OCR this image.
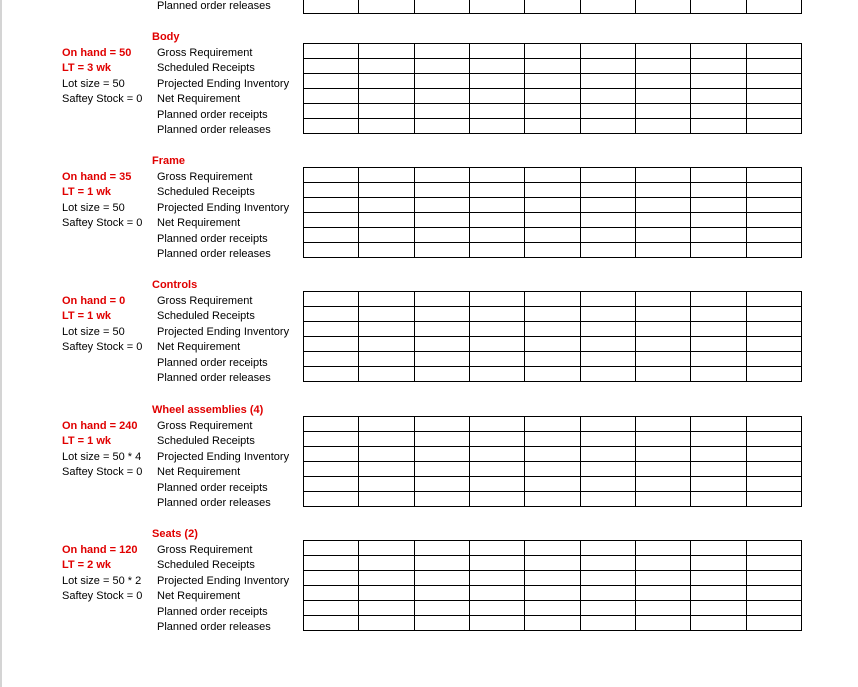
Planned order releases

Body
On hand = 50
LT = 3 wk
Lot size = 50
Saftey Stock = 0
Gross Requirement
Scheduled Receipts
Projected Ending Inventory
Net Requirement
Planned order receipts
Planned order releases

Frame
On hand = 35
LT = 1 wk
Lot size = 50
Saftey Stock = 0
Gross Requirement
Scheduled Receipts
Projected Ending Inventory
Net Requirement
Planned order receipts
Planned order releases

Controls
On hand = 0
LT = 1 wk
Lot size = 50
Saftey Stock = 0
Gross Requirement
Scheduled Receipts
Projected Ending Inventory
Net Requirement
Planned order receipts
Planned order releases

Wheel assemblies (4)
On hand = 240
LT = 1 wk
Lot size = 50 * 4
Saftey Stock = 0
Gross Requirement
Scheduled Receipts
Projected Ending Inventory
Net Requirement
Planned order receipts
Planned order releases

Seats (2)
On hand = 120
LT = 2 wk
Lot size = 50 * 2
Saftey Stock = 0
Gross Requirement
Scheduled Receipts
Projected Ending Inventory
Net Requirement
Planned order receipts
Planned order releases
